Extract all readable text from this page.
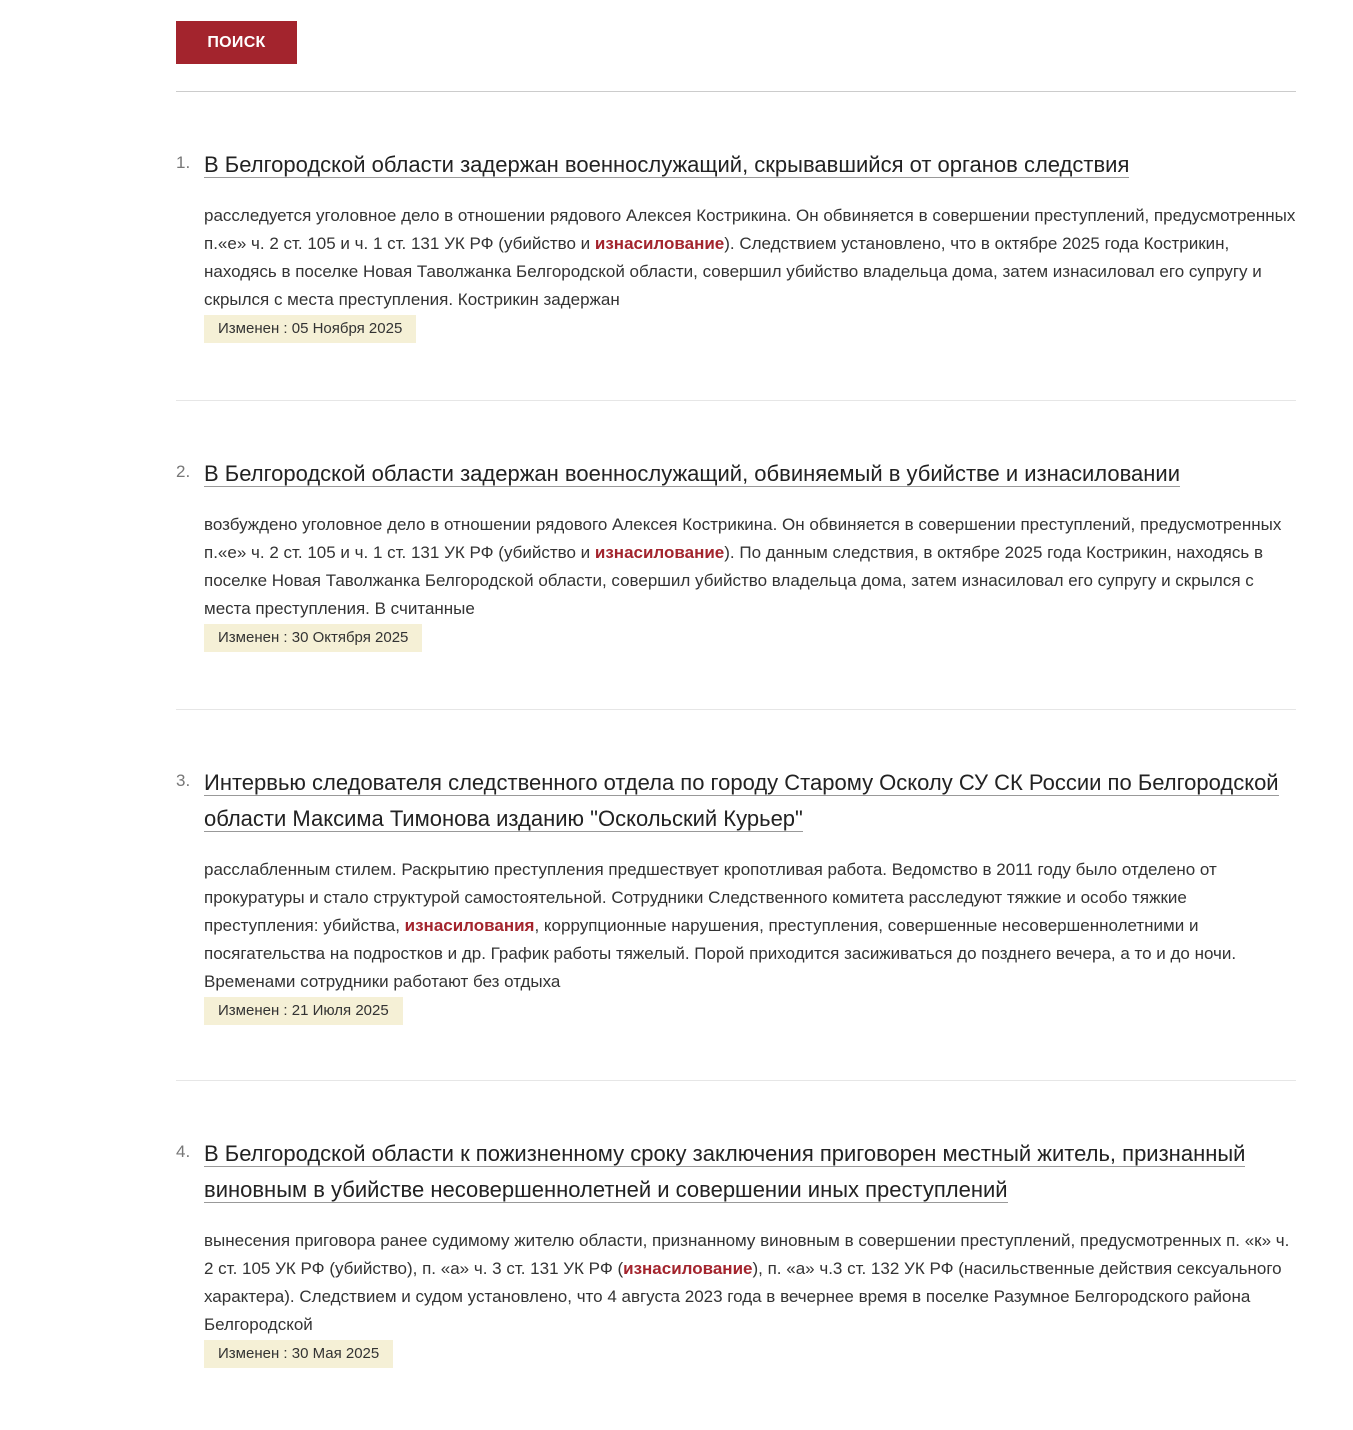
ПОИСК
1. В Белгородской области задержан военнослужащий, скрывавшийся от органов следствия

расследуется уголовное дело в отношении рядового Алексея Кострикина. Он обвиняется в совершении преступлений, предусмотренных п.«е» ч. 2 ст. 105 и ч. 1 ст. 131 УК РФ (убийство и изнасилование). Следствием установлено, что в октябре 2025 года Кострикин, находясь в поселке Новая Таволжанка Белгородской области, совершил убийство владельца дома, затем изнасиловал его супругу и скрылся с места преступления. Кострикин задержан

Изменен : 05 Ноября 2025
2. В Белгородской области задержан военнослужащий, обвиняемый в убийстве и изнасиловании

возбуждено уголовное дело в отношении рядового Алексея Кострикина. Он обвиняется в совершении преступлений, предусмотренных п.«е» ч. 2 ст. 105 и ч. 1 ст. 131 УК РФ (убийство и изнасилование). По данным следствия, в октябре 2025 года Кострикин, находясь в поселке Новая Таволжанка Белгородской области, совершил убийство владельца дома, затем изнасиловал его супругу и скрылся с места преступления. В считанные

Изменен : 30 Октября 2025
3. Интервью следователя следственного отдела по городу Старому Осколу СУ СК России по Белгородской области Максима Тимонова изданию "Оскольский Курьер"

расслабленным стилем. Раскрытию преступления предшествует кропотливая работа. Ведомство в 2011 году было отделено от прокуратуры и стало структурой самостоятельной. Сотрудники Следственного комитета расследуют тяжкие и особо тяжкие преступления: убийства, изнасилования, коррупционные нарушения, преступления, совершенные несовершеннолетними и посягательства на подростков и др. График работы тяжелый. Порой приходится засиживаться до позднего вечера, а то и до ночи. Временами сотрудники работают без отдыха

Изменен : 21 Июля 2025
4. В Белгородской области к пожизненному сроку заключения приговорен местный житель, признанный виновным в убийстве несовершеннолетней и совершении иных преступлений

вынесения приговора ранее судимому жителю области, признанному виновным в совершении преступлений, предусмотренных п. «к» ч. 2 ст. 105 УК РФ (убийство), п. «а» ч. 3 ст. 131 УК РФ (изнасилование), п. «а» ч.3 ст. 132 УК РФ (насильственные действия сексуального характера). Следствием и судом установлено, что 4 августа 2023 года в вечернее время в поселке Разумное Белгородского района Белгородской

Изменен : 30 Мая 2025
